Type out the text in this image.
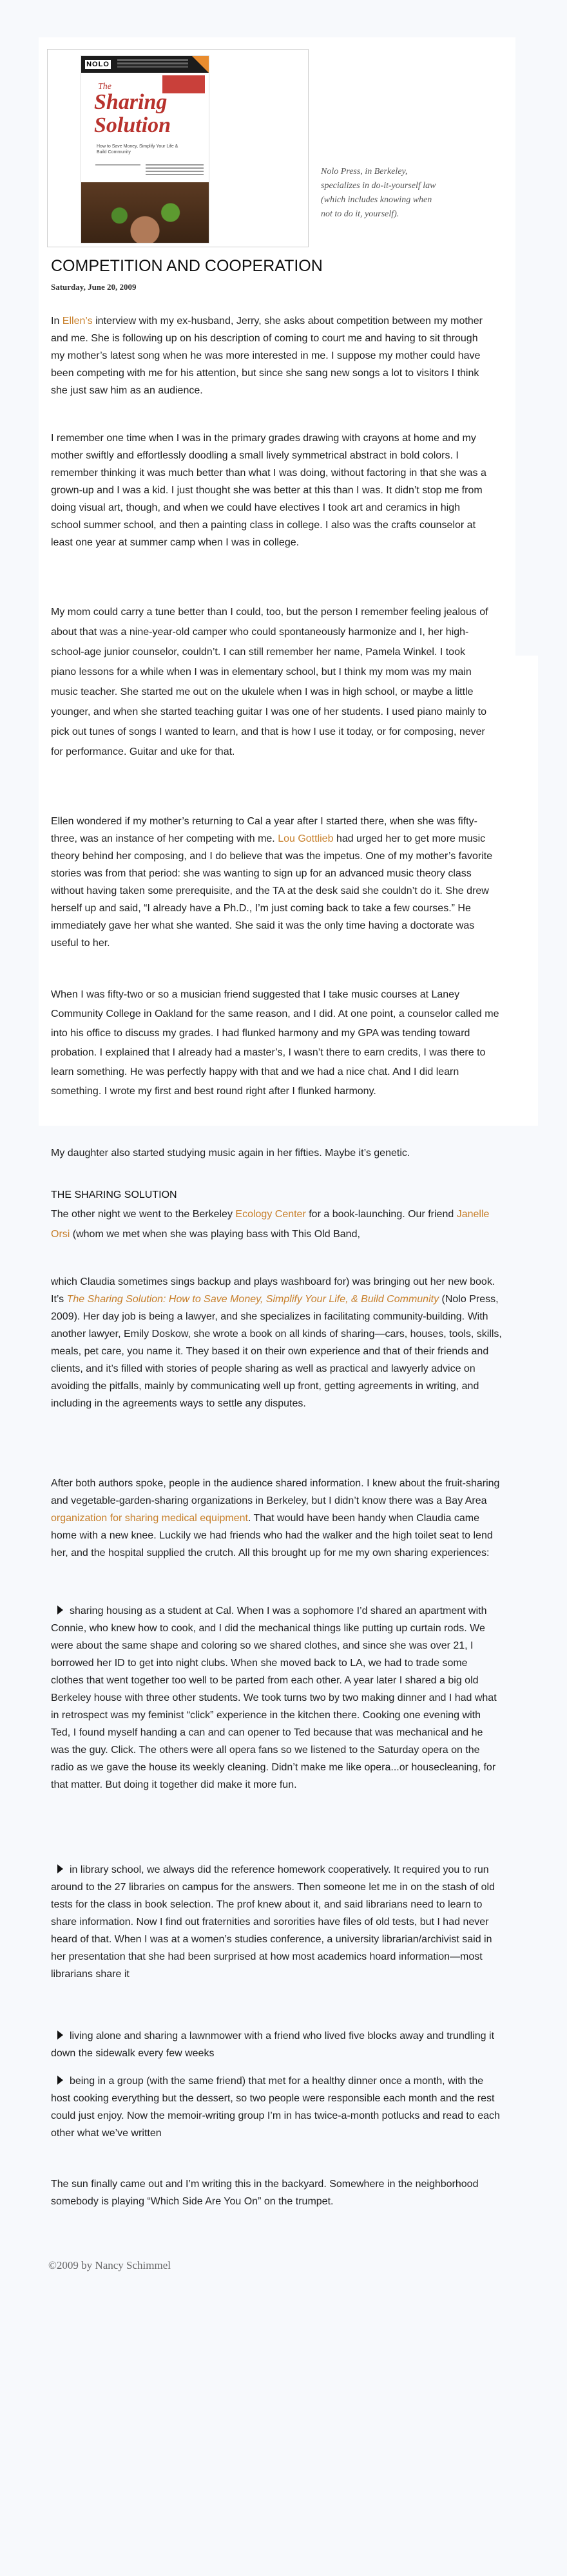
NOLO
The
Sharing Solution
How to Save Money, Simplify Your Life & Build Community
Nolo Press, in Berkeley, specializes in do-it-yourself law (which includes knowing when not to do it, yourself).
COMPETITION AND COOPERATION

Saturday, June 20, 2009

In Ellen’s interview with my ex-husband, Jerry, she asks about competition between my mother and me. She is following up on his description of coming to court me and having to sit through my mother’s latest song when he was more interested in me. I suppose my mother could have been competing with me for his attention, but since she sang new songs a lot to visitors I think she just saw him as an audience.

I remember one time when I was in the primary grades drawing with crayons at home and my mother swiftly and effortlessly doodling a small lively symmetrical abstract in bold colors. I remember thinking it was much better than what I was doing, without factoring in that she was a grown-up and I was a kid. I just thought she was better at this than I was. It didn’t stop me from doing visual art, though, and when we could have electives I took art and ceramics in high school summer school, and then a painting class in college. I also was the crafts counselor at least one year at summer camp when I was in college.

My mom could carry a tune better than I could, too, but the person I remember feeling jealous of about that was a nine-year-old camper who could spontaneously harmonize and I, her high-school-age junior counselor, couldn’t. I can still remember her name, Pamela Winkel. I took piano lessons for a while when I was in elementary school, but I think my mom was my main music teacher. She started me out on the ukulele when I was in high school, or maybe a little younger, and when she started teaching guitar I was one of her students. I used piano mainly to pick out tunes of songs I wanted to learn, and that is how I use it today, or for composing, never for performance. Guitar and uke for that.

Ellen wondered if my mother’s returning to Cal a year after I started there, when she was fifty-three, was an instance of her competing with me. Lou Gottlieb had urged her to get more music theory behind her composing, and I do believe that was the impetus. One of my mother’s favorite stories was from that period: she was wanting to sign up for an advanced music theory class without having taken some prerequisite, and the TA at the desk said she couldn’t do it. She drew herself up and said, “I already have a Ph.D., I’m just coming back to take a few courses.” He immediately gave her what she wanted. She said it was the only time having a doctorate was useful to her.

When I was fifty-two or so a musician friend suggested that I take music courses at Laney Community College in Oakland for the same reason, and I did. At one point, a counselor called me into his office to discuss my grades. I had flunked harmony and my GPA was tending toward probation. I explained that I already had a master’s, I wasn’t there to earn credits, I was there to learn something. He was perfectly happy with that and we had a nice chat. And I did learn something. I wrote my first and best round right after I flunked harmony.

My daughter also started studying music again in her fifties. Maybe it’s genetic.

THE SHARING SOLUTION

The other night we went to the Berkeley Ecology Center for a book-launching. Our friend Janelle Orsi (whom we met when she was playing bass with This Old Band,

which Claudia sometimes sings backup and plays washboard for) was bringing out her new book. It’s The Sharing Solution: How to Save Money, Simplify Your Life, & Build Community (Nolo Press, 2009). Her day job is being a lawyer, and she specializes in facilitating community-building. With another lawyer, Emily Doskow, she wrote a book on all kinds of sharing—cars, houses, tools, skills, meals, pet care, you name it. They based it on their own experience and that of their friends and clients, and it’s filled with stories of people sharing as well as practical and lawyerly advice on avoiding the pitfalls, mainly by communicating well up front, getting agreements in writing, and including in the agreements ways to settle any disputes.

After both authors spoke, people in the audience shared information. I knew about the fruit-sharing and vegetable-garden-sharing organizations in Berkeley, but I didn’t know there was a Bay Area organization for sharing medical equipment. That would have been handy when Claudia came home with a new knee. Luckily we had friends who had the walker and the high toilet seat to lend her, and the hospital supplied the crutch. All this brought up for me my own sharing experiences:

sharing housing as a student at Cal. When I was a sophomore I’d shared an apartment with Connie, who knew how to cook, and I did the mechanical things like putting up curtain rods. We were about the same shape and coloring so we shared clothes, and since she was over 21, I borrowed her ID to get into night clubs. When she moved back to LA, we had to trade some clothes that went together too well to be parted from each other. A year later I shared a big old Berkeley house with three other students. We took turns two by two making dinner and I had what in retrospect was my feminist “click” experience in the kitchen there. Cooking one evening with Ted, I found myself handing a can and can opener to Ted because that was mechanical and he was the guy. Click. The others were all opera fans so we listened to the Saturday opera on the radio as we gave the house its weekly cleaning. Didn’t make me like opera...or housecleaning, for that matter. But doing it together did make it more fun.

in library school, we always did the reference homework cooperatively. It required you to run around to the 27 libraries on campus for the answers. Then someone let me in on the stash of old tests for the class in book selection. The prof knew about it, and said librarians need to learn to share information. Now I find out fraternities and sororities have files of old tests, but I had never heard of that. When I was at a women’s studies conference, a university librarian/archivist said in her presentation that she had been surprised at how most academics hoard information—most librarians share it

living alone and sharing a lawnmower with a friend who lived five blocks away and trundling it down the sidewalk every few weeks

being in a group (with the same friend) that met for a healthy dinner once a month, with the host cooking everything but the dessert, so two people were responsible each month and the rest could just enjoy. Now the memoir-writing group I’m in has twice-a-month potlucks and read to each other what we’ve written

The sun finally came out and I’m writing this in the backyard. Somewhere in the neighborhood somebody is playing “Which Side Are You On” on the trumpet.

©2009 by Nancy Schimmel
